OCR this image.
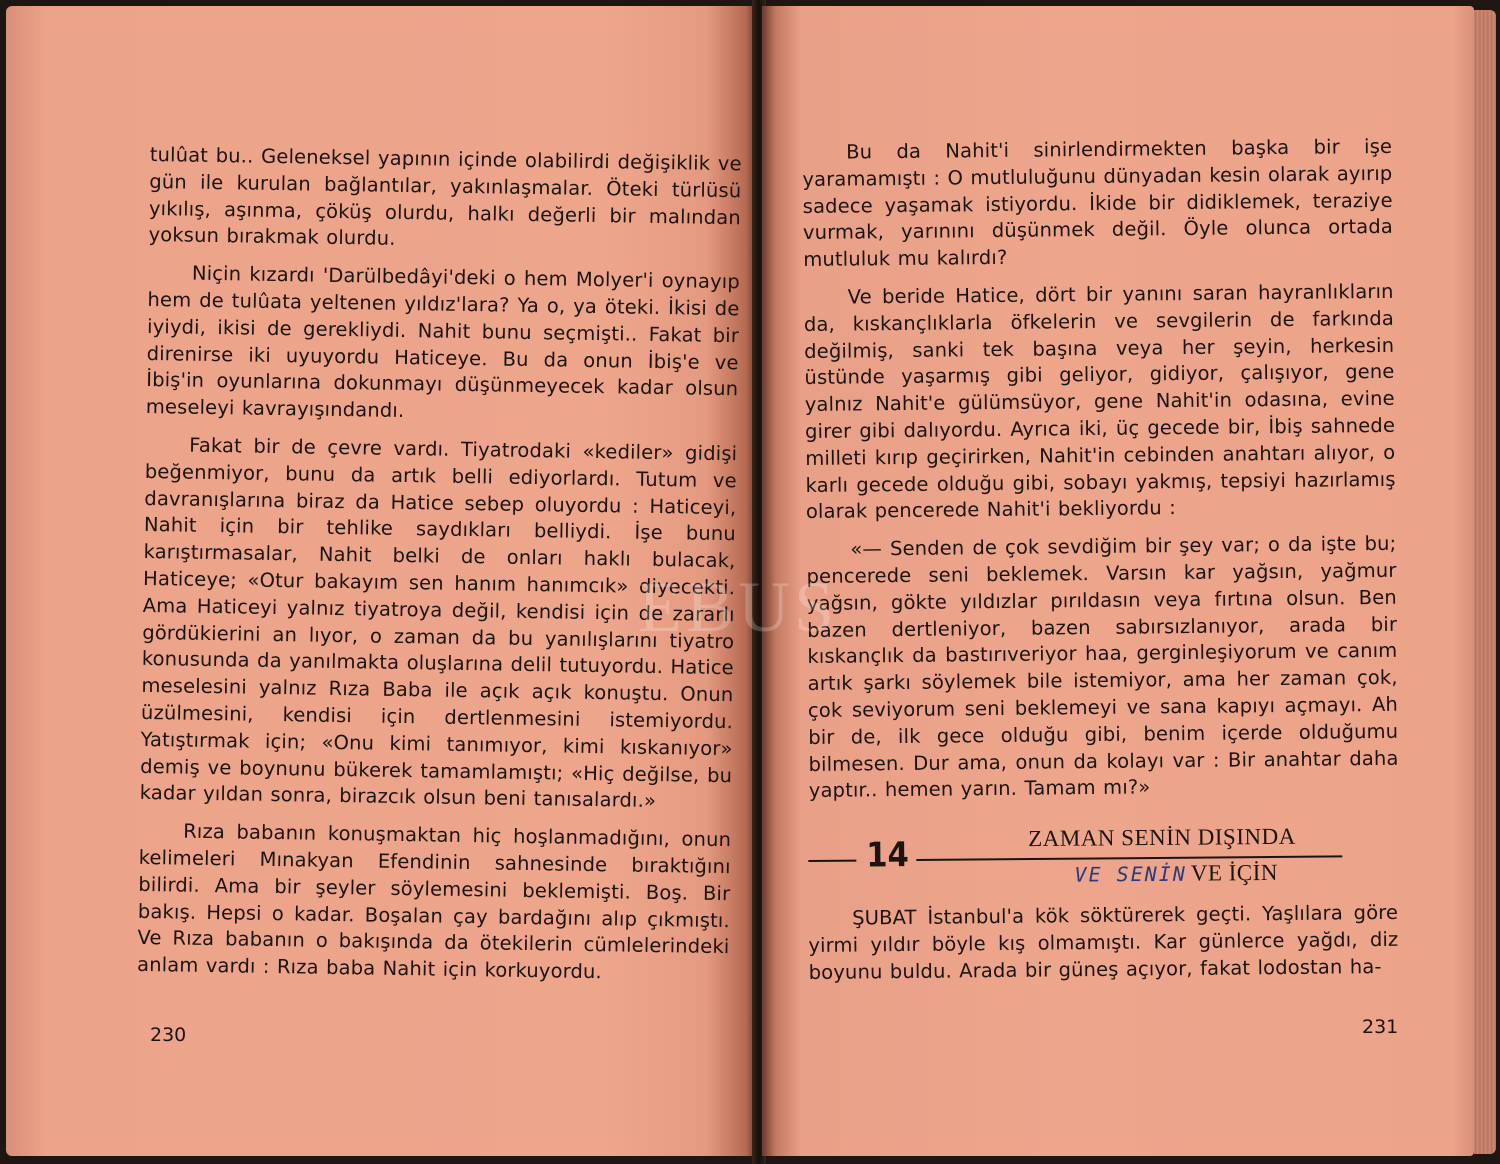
tulûat bu.. Geleneksel yapının içinde olabilirdi değişiklik ve gün ile kurulan bağlantılar, yakınlaşmalar. Öteki türlüsü yıkılış, aşınma, çöküş olurdu, halkı değerli bir malından yoksun bırakmak olurdu.

Niçin kızardı 'Darülbedâyi'deki o hem Molyer'i oynayıp hem de tulûata yeltenen yıldız'lara? Ya o, ya öteki. İkisi de iyiydi, ikisi de gerekliydi. Nahit bunu seçmişti.. Fakat bir direnirse iki uyuyordu Haticeye. Bu da onun İbiş'e ve İbiş'in oyunlarına dokunmayı düşünmeyecek kadar olsun meseleyi kavrayışındandı.

Fakat bir de çevre vardı. Tiyatrodaki «kediler» gidişi beğenmiyor, bunu da artık belli ediyorlardı. Tutum ve davranışlarına biraz da Hatice sebep oluyordu : Haticeyi, Nahit için bir tehlike saydıkları belliydi. İşe bunu karıştırmasalar, Nahit belki de onları haklı bulacak, Haticeye; «Otur bakayım sen hanım hanımcık» diyecekti. Ama Haticeyi yalnız tiyatroya değil, kendisi için de zararlı gördükierini an lıyor, o zaman da bu yanılışlarını tiyatro konusunda da yanılmakta oluşlarına delil tutuyordu. Hatice meselesini yalnız Rıza Baba ile açık açık konuştu. Onun üzülmesini, kendisi için dertlenmesini istemiyordu. Yatıştırmak için; «Onu kimi tanımıyor, kimi kıskanıyor» demiş ve boynunu bükerek tamamlamıştı; «Hiç değilse, bu kadar yıldan sonra, birazcık olsun beni tanısalardı.»

Rıza babanın konuşmaktan hiç hoşlanmadığını, onun kelimeleri Mınakyan Efendinin sahnesinde bıraktığını bilirdi. Ama bir şeyler söylemesini beklemişti. Boş. Bir bakış. Hepsi o kadar. Boşalan çay bardağını alıp çıkmıştı. Ve Rıza babanın o bakışında da ötekilerin cümlelerindeki anlam vardı : Rıza baba Nahit için korkuyordu.

230

Bu da Nahit'i sinirlendirmekten başka bir işe yaramamıştı : O mutluluğunu dünyadan kesin olarak ayırıp sadece yaşamak istiyordu. İkide bir didiklemek, teraziye vurmak, yarınını düşünmek değil. Öyle olunca ortada mutluluk mu kalırdı?

Ve beride Hatice, dört bir yanını saran hayranlıkların da, kıskançlıklarla öfkelerin ve sevgilerin de farkında değilmiş, sanki tek başına veya her şeyin, herkesin üstünde yaşarmış gibi geliyor, gidiyor, çalışıyor, gene yalnız Nahit'e gülümsüyor, gene Nahit'in odasına, evine girer gibi dalıyordu. Ayrıca iki, üç gecede bir, İbiş sahnede milleti kırıp geçirirken, Nahit'in cebinden anahtarı alıyor, o karlı gecede olduğu gibi, sobayı yakmış, tepsiyi hazırlamış olarak pencerede Nahit'i bekliyordu :

«— Senden de çok sevdiğim bir şey var; o da işte bu; pencerede seni beklemek. Varsın kar yağsın, yağmur yağsın, gökte yıldızlar pırıldasın veya fırtına olsun. Ben bazen dertleniyor, bazen sabırsızlanıyor, arada bir kıskançlık da bastırıveriyor haa, gerginleşiyorum ve canım artık şarkı söylemek bile istemiyor, ama her zaman çok, çok seviyorum seni beklemeyi ve sana kapıyı açmayı. Ah bir de, ilk gece olduğu gibi, benim içerde olduğumu bilmesen. Dur ama, onun da kolayı var : Bir anahtar daha yaptır.. hemen yarın. Tamam mı?»

14	ZAMAN SENİN DIŞINDA
VE SENİN VE İÇİN

ŞUBAT İstanbul'a kök söktürerek geçti. Yaşlılara göre yirmi yıldır böyle kış olmamıştı. Kar günlerce yağdı, diz boyunu buldu. Arada bir güneş açıyor, fakat lodostan ha-

231
EBUS
